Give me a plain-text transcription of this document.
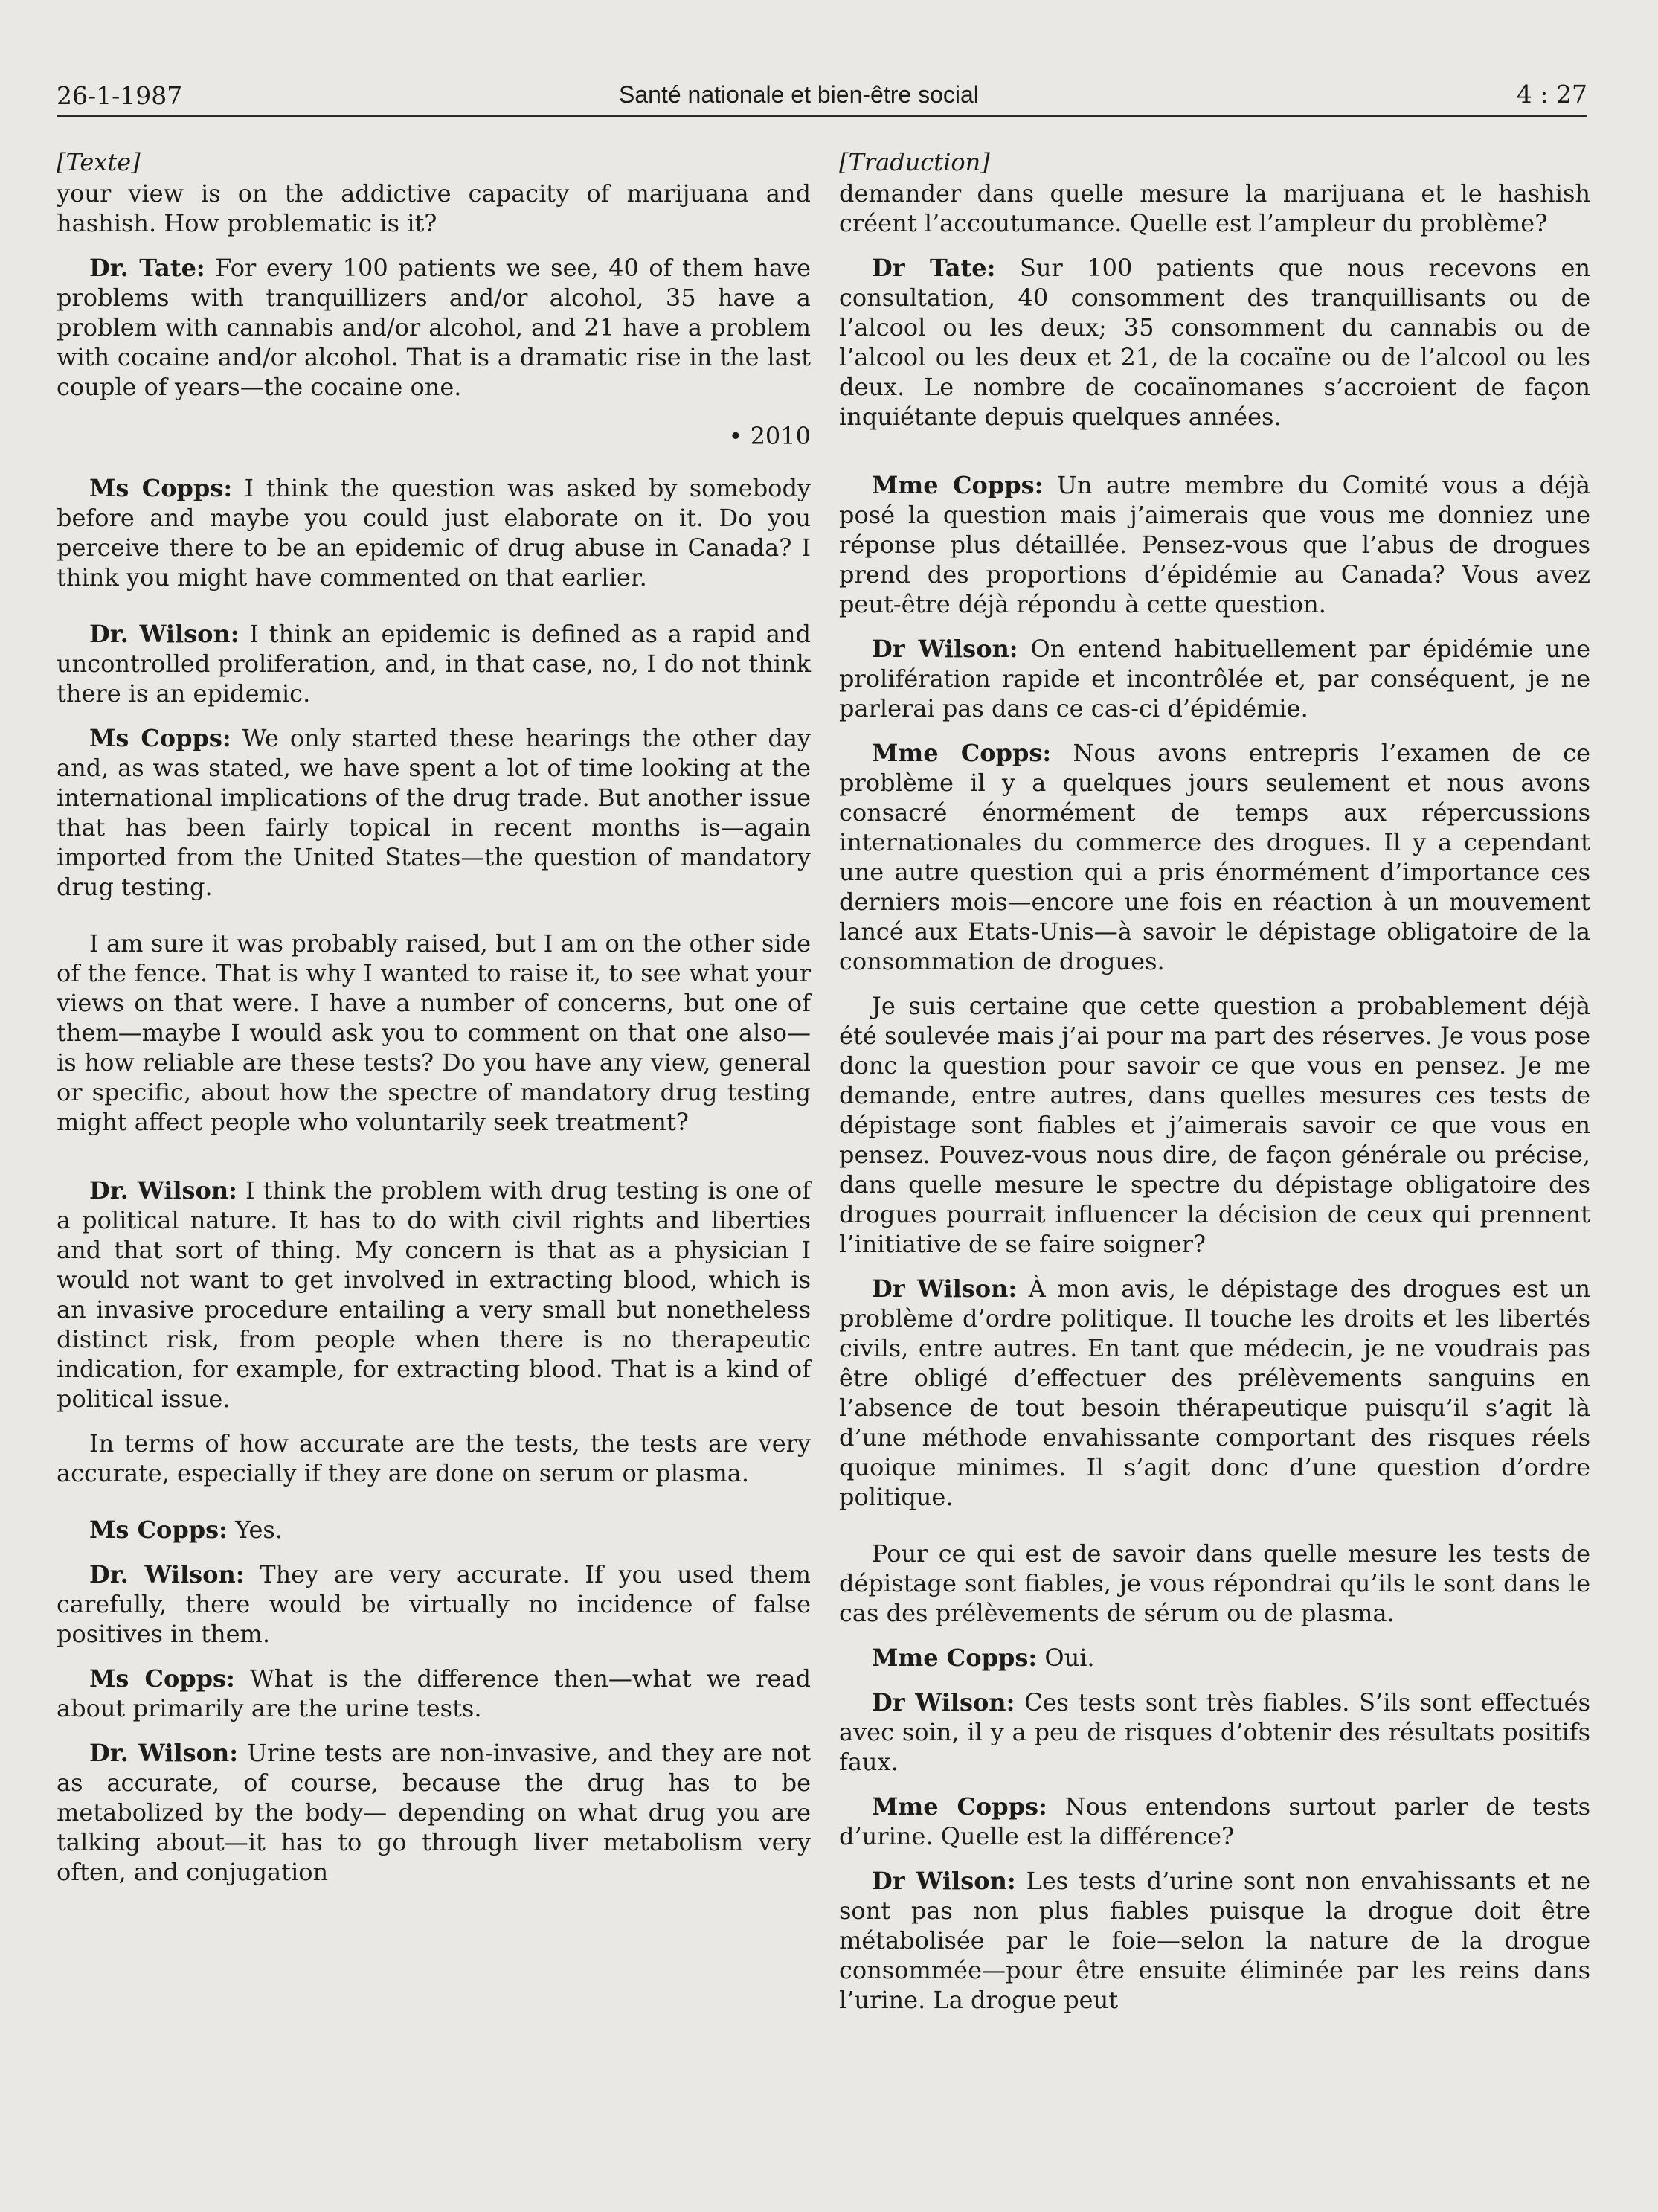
26-1-1987	Santé nationale et bien-être social	4 : 27
[Texte]

your view is on the addictive capacity of marijuana and hashish. How problematic is it?

Dr. Tate: For every 100 patients we see, 40 of them have problems with tranquillizers and/or alcohol, 35 have a problem with cannabis and/or alcohol, and 21 have a problem with cocaine and/or alcohol. That is a dramatic rise in the last couple of years—the cocaine one.

• 2010

Ms Copps: I think the question was asked by somebody before and maybe you could just elaborate on it. Do you perceive there to be an epidemic of drug abuse in Canada? I think you might have commented on that earlier.

Dr. Wilson: I think an epidemic is defined as a rapid and uncontrolled proliferation, and, in that case, no, I do not think there is an epidemic.

Ms Copps: We only started these hearings the other day and, as was stated, we have spent a lot of time looking at the international implications of the drug trade. But another issue that has been fairly topical in recent months is—again imported from the United States—the question of mandatory drug testing.

I am sure it was probably raised, but I am on the other side of the fence. That is why I wanted to raise it, to see what your views on that were. I have a number of concerns, but one of them—maybe I would ask you to comment on that one also—is how reliable are these tests? Do you have any view, general or specific, about how the spectre of mandatory drug testing might affect people who voluntarily seek treatment?

Dr. Wilson: I think the problem with drug testing is one of a political nature. It has to do with civil rights and liberties and that sort of thing. My concern is that as a physician I would not want to get involved in extracting blood, which is an invasive procedure entailing a very small but nonetheless distinct risk, from people when there is no therapeutic indication, for example, for extracting blood. That is a kind of political issue.

In terms of how accurate are the tests, the tests are very accurate, especially if they are done on serum or plasma.

Ms Copps: Yes.

Dr. Wilson: They are very accurate. If you used them carefully, there would be virtually no incidence of false positives in them.

Ms Copps: What is the difference then—what we read about primarily are the urine tests.

Dr. Wilson: Urine tests are non-invasive, and they are not as accurate, of course, because the drug has to be metabolized by the body— depending on what drug you are talking about—it has to go through liver metabolism very often, and conjugation

[Traduction]

demander dans quelle mesure la marijuana et le hashish créent l’accoutumance. Quelle est l’ampleur du problème?

Dr Tate: Sur 100 patients que nous recevons en consultation, 40 consomment des tranquillisants ou de l’alcool ou les deux; 35 consomment du cannabis ou de l’alcool ou les deux et 21, de la cocaïne ou de l’alcool ou les deux. Le nombre de cocaïnomanes s’accroient de façon inquiétante depuis quelques années.

Mme Copps: Un autre membre du Comité vous a déjà posé la question mais j’aimerais que vous me donniez une réponse plus détaillée. Pensez-vous que l’abus de drogues prend des proportions d’épidémie au Canada? Vous avez peut-être déjà répondu à cette question.

Dr Wilson: On entend habituellement par épidémie une prolifération rapide et incontrôlée et, par conséquent, je ne parlerai pas dans ce cas-ci d’épidémie.

Mme Copps: Nous avons entrepris l’examen de ce problème il y a quelques jours seulement et nous avons consacré énormément de temps aux répercussions internationales du commerce des drogues. Il y a cependant une autre question qui a pris énormément d’importance ces derniers mois—encore une fois en réaction à un mouvement lancé aux Etats-Unis—à savoir le dépistage obligatoire de la consommation de drogues.

Je suis certaine que cette question a probablement déjà été soulevée mais j’ai pour ma part des réserves. Je vous pose donc la question pour savoir ce que vous en pensez. Je me demande, entre autres, dans quelles mesures ces tests de dépistage sont fiables et j’aimerais savoir ce que vous en pensez. Pouvez-vous nous dire, de façon générale ou précise, dans quelle mesure le spectre du dépistage obligatoire des drogues pourrait influencer la décision de ceux qui prennent l’initiative de se faire soigner?

Dr Wilson: À mon avis, le dépistage des drogues est un problème d’ordre politique. Il touche les droits et les libertés civils, entre autres. En tant que médecin, je ne voudrais pas être obligé d’effectuer des prélèvements sanguins en l’absence de tout besoin thérapeutique puisqu’il s’agit là d’une méthode envahissante comportant des risques réels quoique minimes. Il s’agit donc d’une question d’ordre politique.

Pour ce qui est de savoir dans quelle mesure les tests de dépistage sont fiables, je vous répondrai qu’ils le sont dans le cas des prélèvements de sérum ou de plasma.

Mme Copps: Oui.

Dr Wilson: Ces tests sont très fiables. S’ils sont effectués avec soin, il y a peu de risques d’obtenir des résultats positifs faux.

Mme Copps: Nous entendons surtout parler de tests d’urine. Quelle est la différence?

Dr Wilson: Les tests d’urine sont non envahissants et ne sont pas non plus fiables puisque la drogue doit être métabolisée par le foie—selon la nature de la drogue consommée—pour être ensuite éliminée par les reins dans l’urine. La drogue peut
